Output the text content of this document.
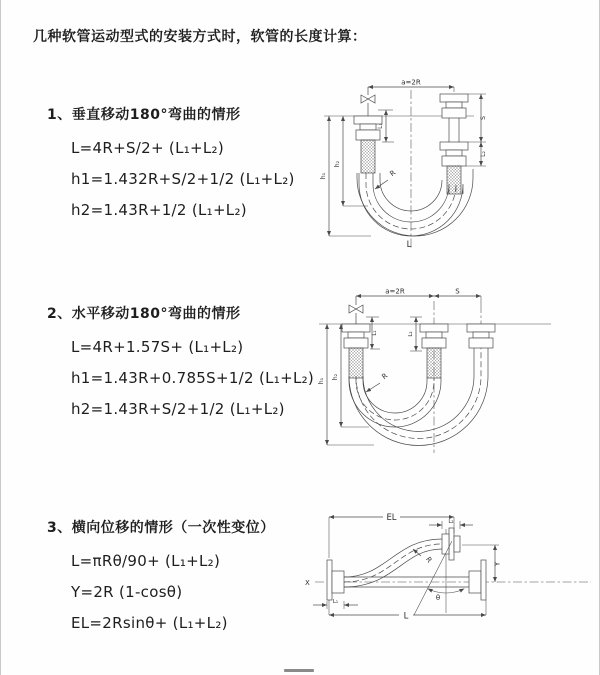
几种软管运动型式的安装方式时，软管的长度计算：
1、垂直移动180°弯曲的情形
L=4R+S/2+ (L₁+L₂)
h1=1.432R+S/2+1/2 (L₁+L₂)
h2=1.43R+1/2 (L₁+L₂)
a=2R
L₁
S
L₂
h₁
h₂
R
L
2、水平移动180°弯曲的情形
L=4R+1.57S+ (L₁+L₂)
h1=1.43R+0.785S+1/2 (L₁+L₂)
h2=1.43R+S/2+1/2 (L₁+L₂)
a=2R	S
L₁	L₂
h₁
h₂	R
3、横向位移的情形（一次性变位）
L=πRθ/90+ (L₁+L₂)
Y=2R (1-cosθ)
EL=2Rsinθ+ (L₁+L₂)
X
EL	L₂
Y
L
L₁
R
θ
